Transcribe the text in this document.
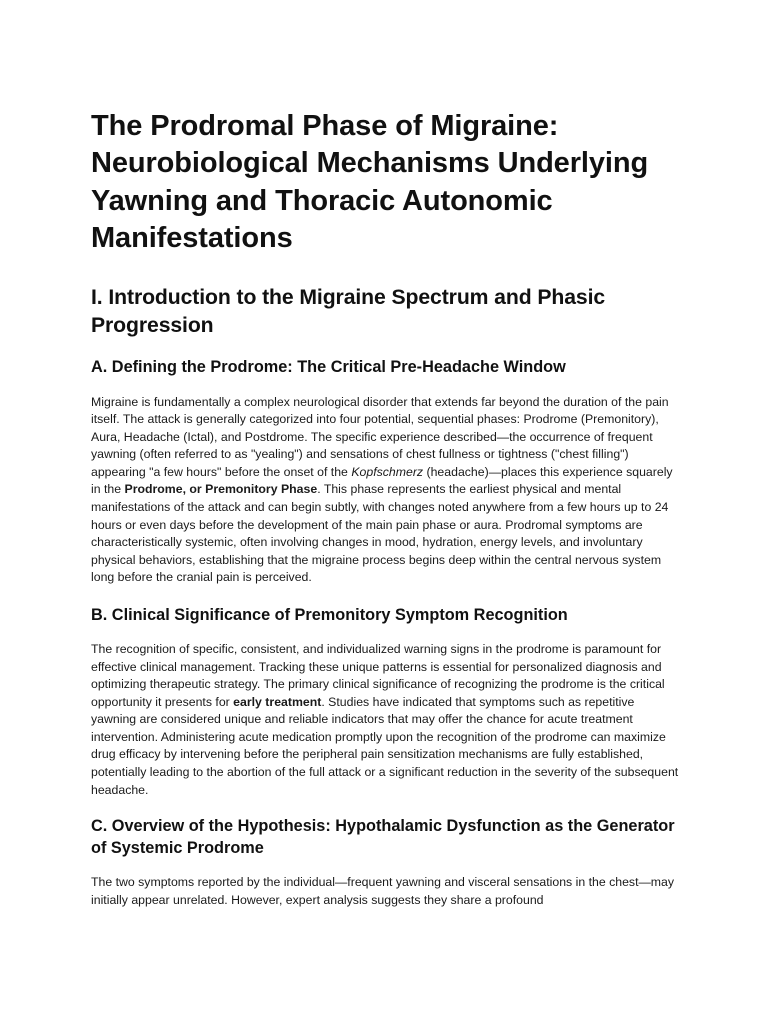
The Prodromal Phase of Migraine: Neurobiological Mechanisms Underlying Yawning and Thoracic Autonomic Manifestations
I. Introduction to the Migraine Spectrum and Phasic Progression
A. Defining the Prodrome: The Critical Pre-Headache Window

Migraine is fundamentally a complex neurological disorder that extends far beyond the duration of the pain itself. The attack is generally categorized into four potential, sequential phases: Prodrome (Premonitory), Aura, Headache (Ictal), and Postdrome. The specific experience described—the occurrence of frequent yawning (often referred to as "yealing") and sensations of chest fullness or tightness ("chest filling") appearing "a few hours" before the onset of the Kopfschmerz (headache)—places this experience squarely in the Prodrome, or Premonitory Phase. This phase represents the earliest physical and mental manifestations of the attack and can begin subtly, with changes noted anywhere from a few hours up to 24 hours or even days before the development of the main pain phase or aura. Prodromal symptoms are characteristically systemic, often involving changes in mood, hydration, energy levels, and involuntary physical behaviors, establishing that the migraine process begins deep within the central nervous system long before the cranial pain is perceived.

B. Clinical Significance of Premonitory Symptom Recognition

The recognition of specific, consistent, and individualized warning signs in the prodrome is paramount for effective clinical management. Tracking these unique patterns is essential for personalized diagnosis and optimizing therapeutic strategy. The primary clinical significance of recognizing the prodrome is the critical opportunity it presents for early treatment. Studies have indicated that symptoms such as repetitive yawning are considered unique and reliable indicators that may offer the chance for acute treatment intervention. Administering acute medication promptly upon the recognition of the prodrome can maximize drug efficacy by intervening before the peripheral pain sensitization mechanisms are fully established, potentially leading to the abortion of the full attack or a significant reduction in the severity of the subsequent headache.

C. Overview of the Hypothesis: Hypothalamic Dysfunction as the Generator of Systemic Prodrome

The two symptoms reported by the individual—frequent yawning and visceral sensations in the chest—may initially appear unrelated. However, expert analysis suggests they share a profound
